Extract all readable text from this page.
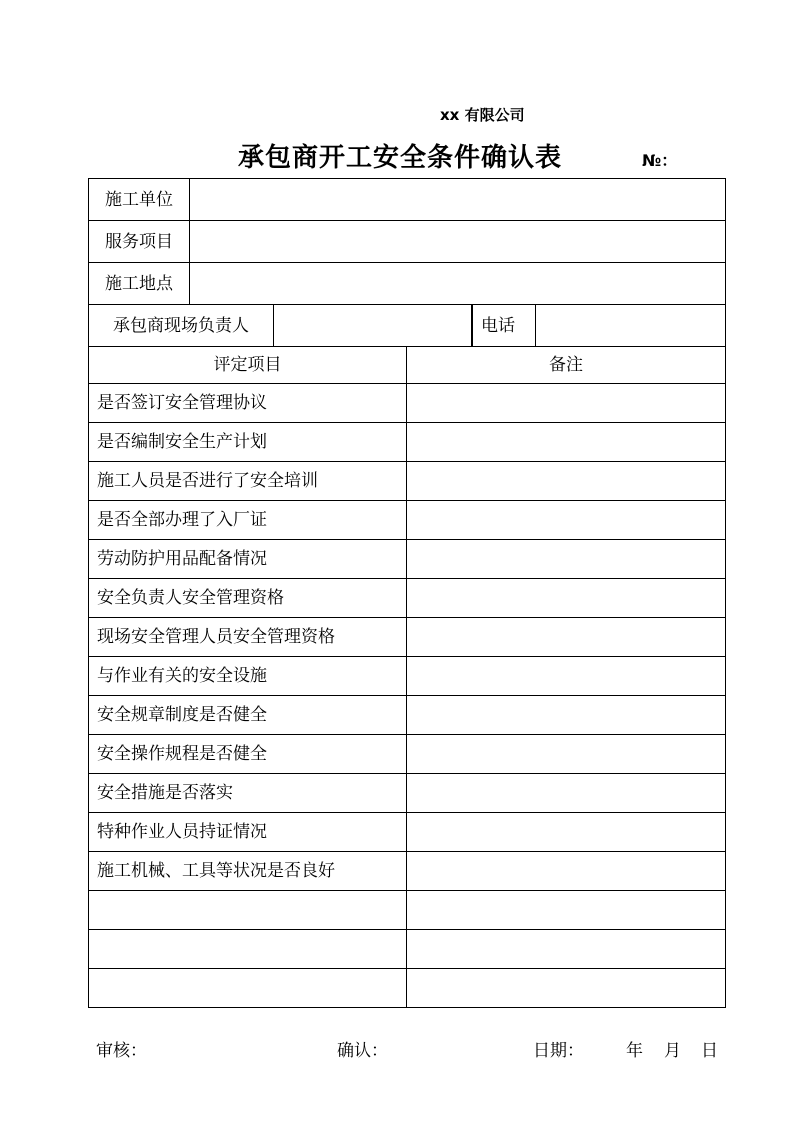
xx 有限公司
承包商开工安全条件确认表	№：
施工单位				
服务项目				
施工地点				
承包商现场负责人				电话

评定项目			备注	
是否签订安全管理协议				
是否编制安全生产计划				
施工人员是否进行了安全培训				
是否全部办理了入厂证				
劳动防护用品配备情况				
安全负责人安全管理资格				
现场安全管理人员安全管理资格				
与作业有关的安全设施				
安全规章制度是否健全				
安全操作规程是否健全				
安全措施是否落实				
特种作业人员持证情况				
施工机械、工具等状况是否良好				

审核：	确认：	日期： 年 月 日
